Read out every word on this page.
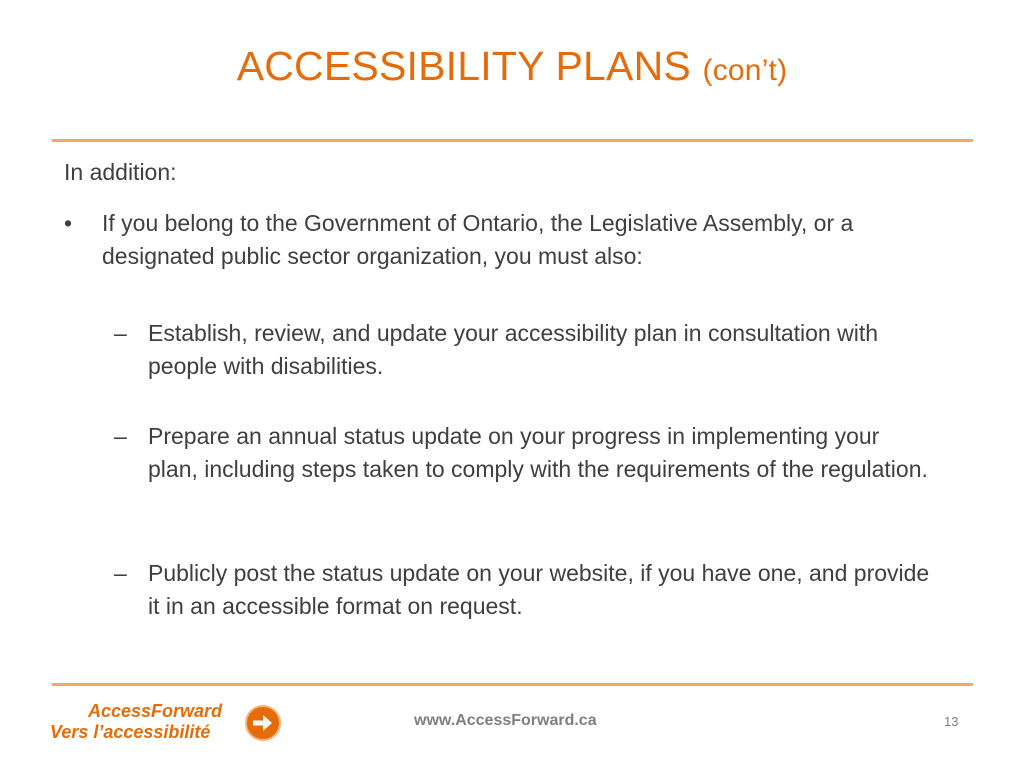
ACCESSIBILITY PLANS (con’t)
In addition:
• If you belong to the Government of Ontario, the Legislative Assembly, or a designated public sector organization, you must also:
– Establish, review, and update your accessibility plan in consultation with people with disabilities.
– Prepare an annual status update on your progress in implementing your plan, including steps taken to comply with the requirements of the regulation.
– Publicly post the status update on your website, if you have one, and provide it in an accessible format on request.
AccessForward
Vers l’accessibilité
www.AccessForward.ca	13
